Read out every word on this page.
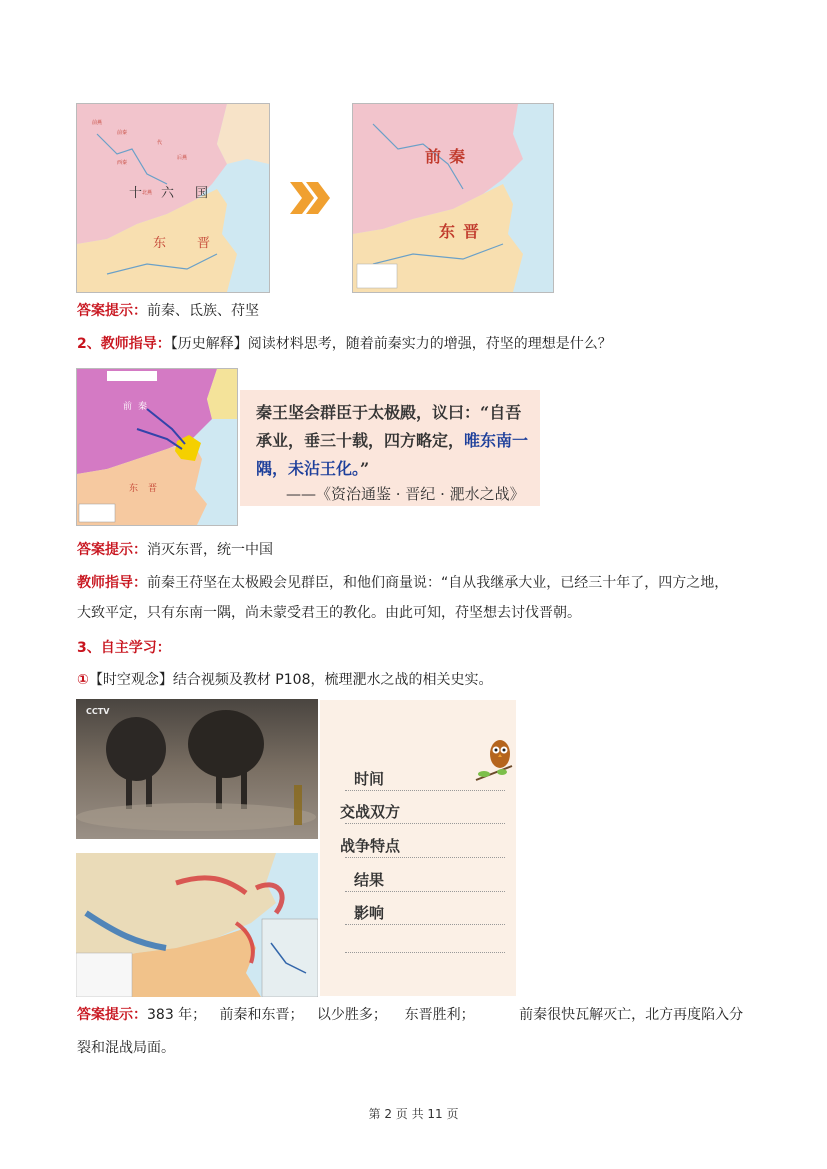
前燕
前秦
代
后燕
西秦
北燕
十 六 国
东 晋
前秦
东晋
答案提示：前秦、氐族、苻坚
2、教师指导：【历史解释】阅读材料思考，随着前秦实力的增强，苻坚的理想是什么？
前秦
东晋
秦王坚会群臣于太极殿，议曰：“自吾
承业，垂三十载，四方略定，唯东南一
隅，未沾王化。”
——《资治通鉴 · 晋纪 · 淝水之战》
答案提示：消灭东晋，统一中国
教师指导：前秦王苻坚在太极殿会见群臣，和他们商量说：“自从我继承大业，已经三十年了，四方之地，
大致平定，只有东南一隅，尚未蒙受君王的教化。由此可知，苻坚想去讨伐晋朝。
3、自主学习：
①【时空观念】结合视频及教材 P108，梳理淝水之战的相关史实。
CCTV
时间
交战双方
战争特点
结果
影响
答案提示：383 年；   前秦和东晋；   以少胜多；    东晋胜利；          前秦很快瓦解灭亡，北方再度陷入分
裂和混战局面。
第 2 页 共 11 页
